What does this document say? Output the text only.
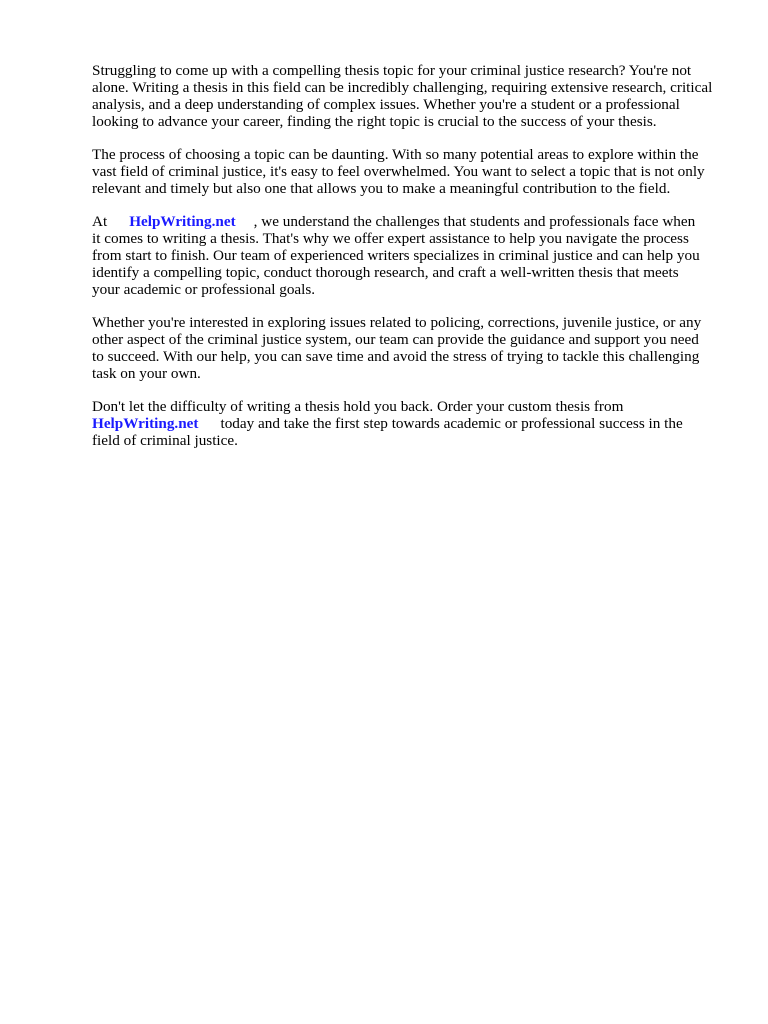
Struggling to come up with a compelling thesis topic for your criminal justice research? You're not
alone. Writing a thesis in this field can be incredibly challenging, requiring extensive research, critical
analysis, and a deep understanding of complex issues. Whether you're a student or a professional
looking to advance your career, finding the right topic is crucial to the success of your thesis.

The process of choosing a topic can be daunting. With so many potential areas to explore within the
vast field of criminal justice, it's easy to feel overwhelmed. You want to select a topic that is not only
relevant and timely but also one that allows you to make a meaningful contribution to the field.

At HelpWriting.net , we understand the challenges that students and professionals face when
it comes to writing a thesis. That's why we offer expert assistance to help you navigate the process
from start to finish. Our team of experienced writers specializes in criminal justice and can help you
identify a compelling topic, conduct thorough research, and craft a well-written thesis that meets
your academic or professional goals.

Whether you're interested in exploring issues related to policing, corrections, juvenile justice, or any
other aspect of the criminal justice system, our team can provide the guidance and support you need
to succeed. With our help, you can save time and avoid the stress of trying to tackle this challenging
task on your own.

Don't let the difficulty of writing a thesis hold you back. Order your custom thesis from
HelpWriting.net today and take the first step towards academic or professional success in the
field of criminal justice.
